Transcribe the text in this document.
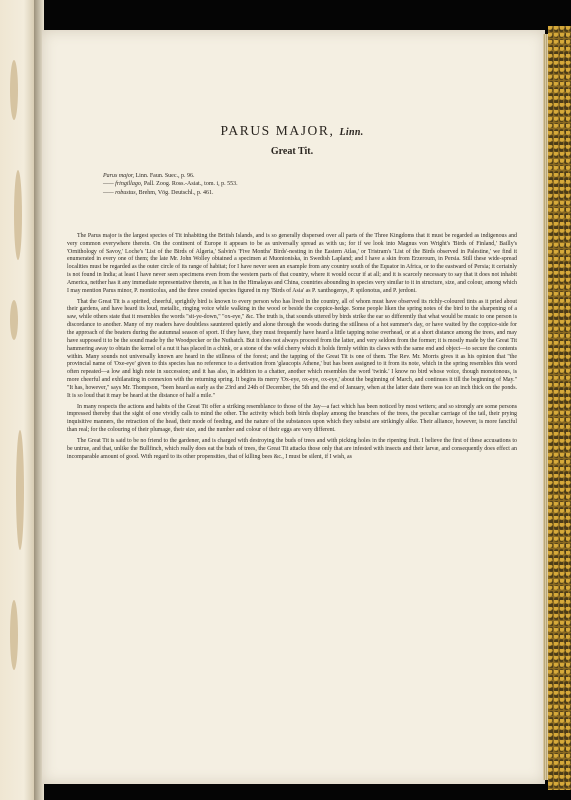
PARUS MAJOR, Linn.
Great Tit.
Parus major, Linn. Faun. Suec., p. 96.
—— fringillago, Pall. Zoog. Ross.-Asiat., tom. i, p. 553.
—— robustus, Brehm, Vög. Deutschl., p. 461.

The Parus major is the largest species of Tit inhabiting the British Islands, and is so generally dispersed over all parts of the Three Kingdoms that it must be regarded as indigenous and very common everywhere therein. On the continent of Europe it appears to be as universally spread as with us; for if we look into Magnus von Wright's 'Birds of Finland,' Bailly's 'Ornithology of Savoy,' Loche's 'List of the Birds of Algeria,' Salvin's 'Five Months' Birds'-nesting in the Eastern Atlas,' or Tristram's 'List of the Birds observed in Palestine,' we find it enumerated in every one of them; the late Mr. John Wolley obtained a specimen at Muonioniska, in Swedish Lapland; and I have a skin from Erzeroum, in Persia. Still these wide-spread localities must be regarded as the outer circle of its range of habitat; for I have never seen an example from any country south of the Equator in Africa, or to the eastward of Persia; it certainly is not found in India; at least I have never seen specimens even from the western parts of that country, where it would occur if at all; and it is scarcely necessary to say that it does not inhabit America, neither has it any immediate representative therein, as it has in the Himalayas and China, countries abounding in species very similar to it in structure, size, and colour, among which I may mention Parus minor, P. monticolus, and the three crested species figured in my 'Birds of Asia' as P. xanthogenys, P. spilonotus, and P. jerdoni.

That the Great Tit is a spirited, cheerful, sprightly bird is known to every person who has lived in the country, all of whom must have observed its richly-coloured tints as it pried about their gardens, and have heard its loud, metallic, ringing voice while walking in the wood or beside the coppice-hedge. Some people liken the spring notes of the bird to the sharpening of a saw, while others state that it resembles the words "sit-ye-down," "ox-eye," &c. The truth is, that sounds uttered by birds strike the ear so differently that what would be music to one person is discordance to another. Many of my readers have doubtless sauntered quietly and alone through the woods during the stillness of a hot summer's day, or have waited by the coppice-side for the approach of the beaters during the autumnal season of sport. If they have, they must frequently have heard a little tapping noise overhead, or at a short distance among the trees, and may have supposed it to be the sound made by the Woodpecker or the Nuthatch. But it does not always proceed from the latter, and very seldom from the former; it is mostly made by the Great Tit hammering away to obtain the kernel of a nut it has placed in a chink, or a stone of the wild cherry which it holds firmly within its claws with the same end and object—to secure the contents within. Many sounds not universally known are heard in the stillness of the forest; and the tapping of the Great Tit is one of them. The Rev. Mr. Morris gives it as his opinion that "the provincial name of 'Oxe-eye' given to this species has no reference to a derivation from 'glaucopis Athene,' but has been assigned to it from its note, which in the spring resembles this word often repeated—a low and high note in succession; and it has also, in addition to a chatter, another which resembles the word 'twink.' I know no bird whose voice, though monotonous, is more cheerful and exhilarating in connexion with the returning spring. It begins its merry 'Ox-eye, ox-eye, ox-eye,' about the beginning of March, and continues it till the beginning of May." "It has, however," says Mr. Thompson, "been heard as early as the 23rd and 24th of December, the 5th and the end of January, when at the latter date there was ice an inch thick on the ponds. It is so loud that it may be heard at the distance of half a mile."

In many respects the actions and habits of the Great Tit offer a striking resemblance to those of the Jay—a fact which has been noticed by most writers; and so strongly are some persons impressed thereby that the sight of one vividly calls to mind the other. The activity which both birds display among the branches of the trees, the peculiar carriage of the tail, their prying inquisitive manners, the retraction of the head, their mode of feeding, and the nature of the substances upon which they subsist are strikingly alike. Their alliance, however, is more fanciful than real; for the colouring of their plumage, their size, and the number and colour of their eggs are very different.

The Great Tit is said to be no friend to the gardener, and is charged with destroying the buds of trees and with picking holes in the ripening fruit. I believe the first of these accusations to be untrue, and that, unlike the Bullfinch, which really does eat the buds of trees, the Great Tit attacks those only that are infested with insects and their larvæ, and consequently does effect an incomparable amount of good. With regard to its other propensities, that of killing bees &c., I must be silent, if I wish, as
